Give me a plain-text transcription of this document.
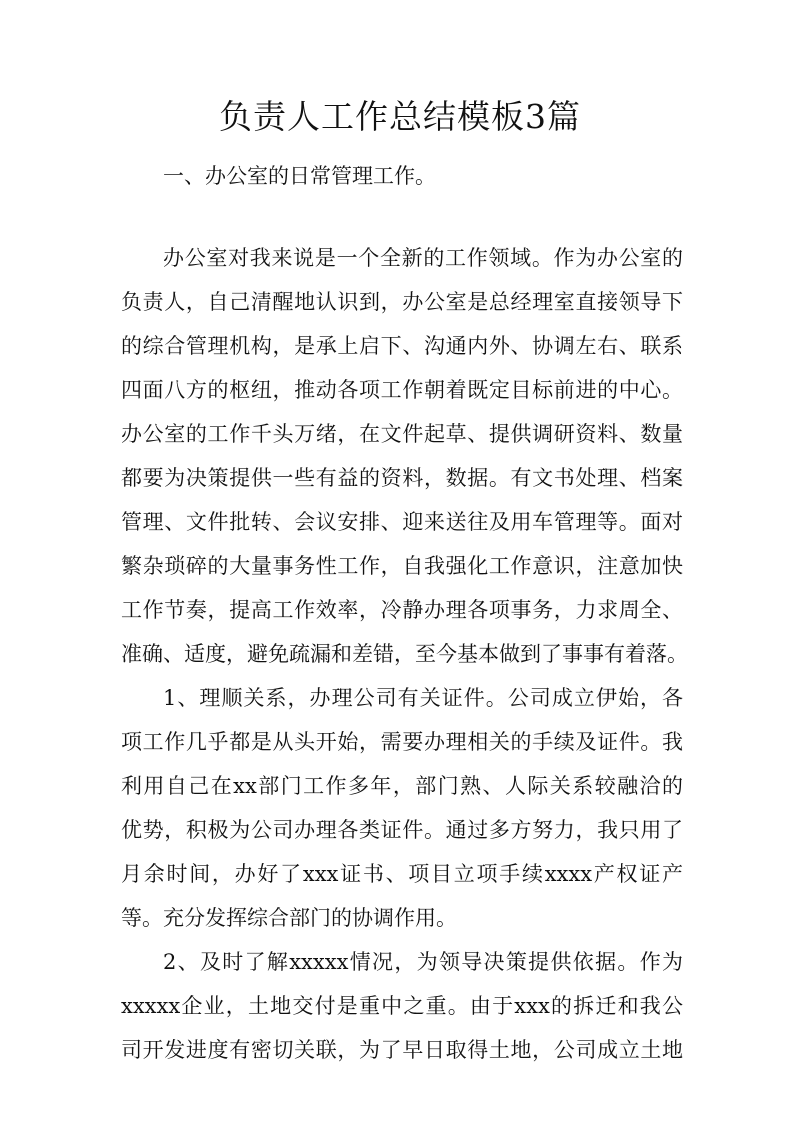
负责人工作总结模板3篇

一、办公室的日常管理工作。

办公室对我来说是一个全新的工作领域。作为办公室的

负责人，自己清醒地认识到，办公室是总经理室直接领导下

的综合管理机构，是承上启下、沟通内外、协调左右、联系

四面八方的枢纽，推动各项工作朝着既定目标前进的中心。

办公室的工作千头万绪，在文件起草、提供调研资料、数量

都要为决策提供一些有益的资料，数据。有文书处理、档案

管理、文件批转、会议安排、迎来送往及用车管理等。面对

繁杂琐碎的大量事务性工作，自我强化工作意识，注意加快

工作节奏，提高工作效率，冷静办理各项事务，力求周全、

准确、适度，避免疏漏和差错，至今基本做到了事事有着落。

1、理顺关系，办理公司有关证件。公司成立伊始，各

项工作几乎都是从头开始，需要办理相关的手续及证件。我

利用自己在xx部门工作多年，部门熟、人际关系较融洽的

优势，积极为公司办理各类证件。通过多方努力，我只用了

月余时间，办好了xxx证书、项目立项手续xxxx产权证产

等。充分发挥综合部门的协调作用。

2、及时了解xxxxx情况，为领导决策提供依据。作为

xxxxx企业，土地交付是重中之重。由于xxx的拆迁和我公

司开发进度有密切关联，为了早日取得土地，公司成立土地
